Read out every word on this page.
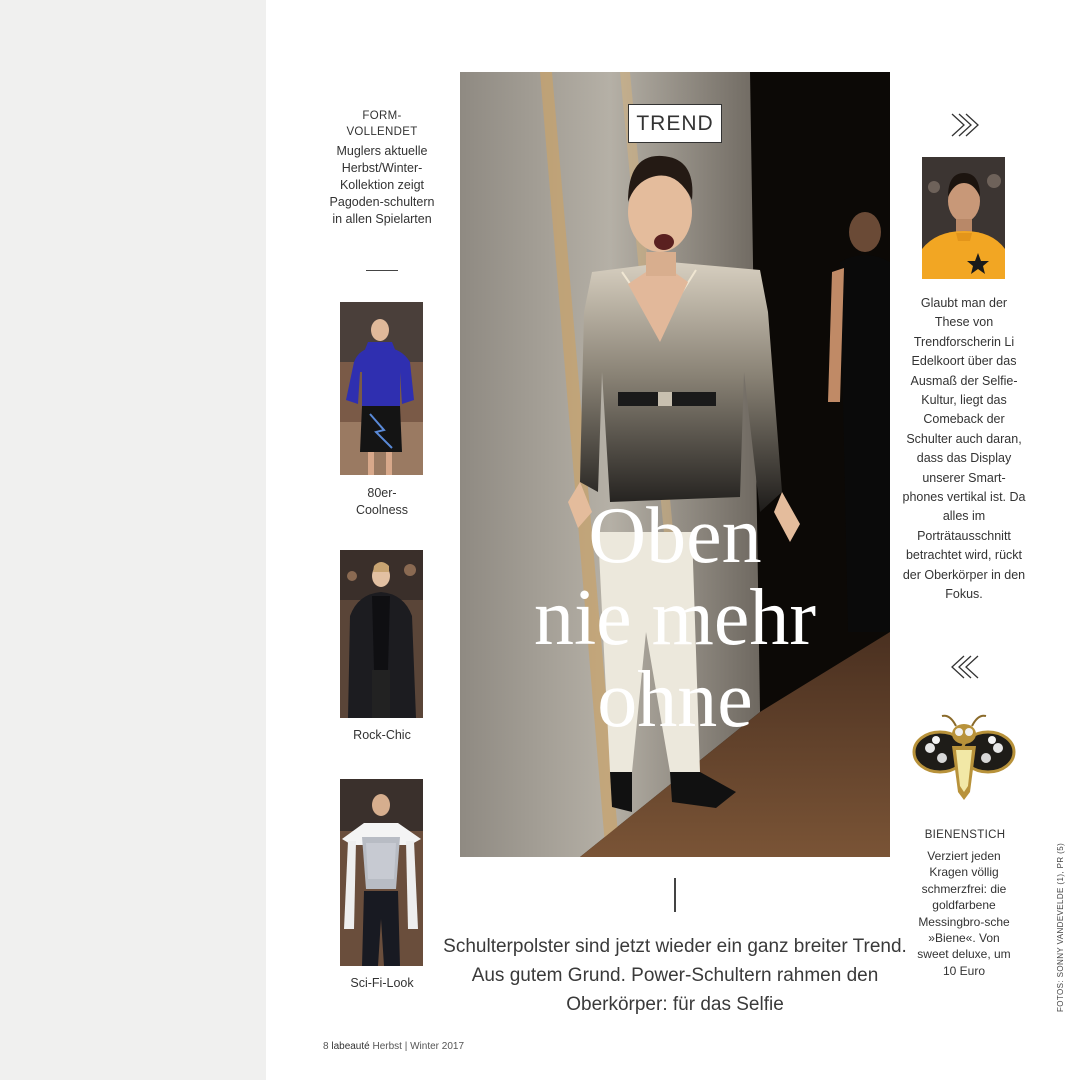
FORM-
VOLLENDET
Muglers aktuelle Herbst/Winter-Kollektion zeigt Pagoden-schultern in allen Spielarten
80er-
Coolness
Rock-Chic
Sci-Fi-Look
TREND
Oben
nie mehr
ohne
Schulterpolster sind jetzt wieder ein ganz breiter Trend. Aus gutem Grund. Power-Schultern rahmen den Oberkörper: für das Selfie
Glaubt man der These von Trendforscherin Li Edelkoort über das Ausmaß der Selfie-Kultur, liegt das Comeback der Schulter auch daran, dass das Display unserer Smart-phones vertikal ist. Da alles im Porträtausschnitt betrachtet wird, rückt der Oberkörper in den Fokus.
BIENENSTICH
Verziert jeden Kragen völlig schmerzfrei: die goldfarbene Messingbro-sche »Biene«. Von sweet deluxe, um 10 Euro	FOTOS: SONNY VANDEVELDE (1), PR (5)
8 labeauté Herbst | Winter 2017
